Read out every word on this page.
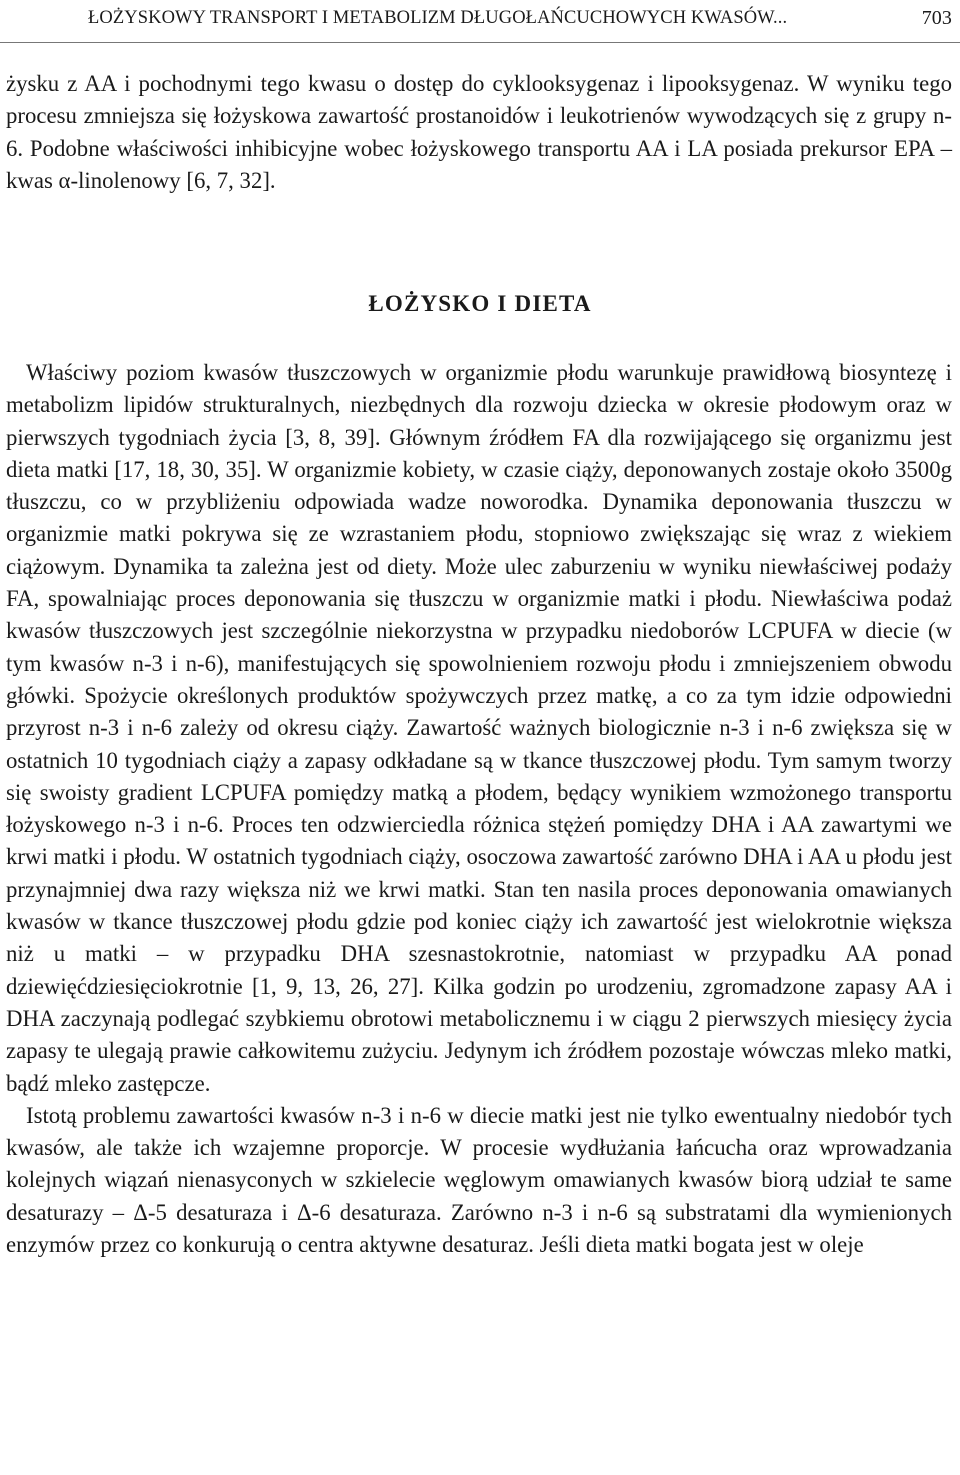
ŁOŻYSKOWY TRANSPORT I METABOLIZM DŁUGOŁAŃCUCHOWYCH KWASÓW...	703

żysku z AA i pochodnymi tego kwasu o dostęp do cyklooksygenaz i lipooksygenaz. W wyniku tego procesu zmniejsza się łożyskowa zawartość prostanoidów i leukotrienów wywodzących się z grupy n-6. Podobne właściwości inhibicyjne wobec łożyskowego transportu AA i LA posiada prekursor EPA – kwas α-linolenowy [6, 7, 32].

ŁOŻYSKO I DIETA

Właściwy poziom kwasów tłuszczowych w organizmie płodu warunkuje prawidłową biosyntezę i metabolizm lipidów strukturalnych, niezbędnych dla rozwoju dziecka w okresie płodowym oraz w pierwszych tygodniach życia [3, 8, 39]. Głównym źródłem FA dla rozwijającego się organizmu jest dieta matki [17, 18, 30, 35]. W organizmie kobiety, w czasie ciąży, deponowanych zostaje około 3500g tłuszczu, co w przybliżeniu odpowiada wadze noworodka. Dynamika deponowania tłuszczu w organizmie matki pokrywa się ze wzrastaniem płodu, stopniowo zwiększając się wraz z wiekiem ciążowym. Dynamika ta zależna jest od diety. Może ulec zaburzeniu w wyniku niewłaściwej podaży FA, spowalniając proces deponowania się tłuszczu w organizmie matki i płodu. Niewłaściwa podaż kwasów tłuszczowych jest szczególnie niekorzystna w przypadku niedoborów LCPUFA w diecie (w tym kwasów n-3 i n-6), manifestujących się spowolnieniem rozwoju płodu i zmniejszeniem obwodu główki. Spożycie określonych produktów spożywczych przez matkę, a co za tym idzie odpowiedni przyrost n-3 i n-6 zależy od okresu ciąży. Zawartość ważnych biologicznie n-3 i n-6 zwiększa się w ostatnich 10 tygodniach ciąży a zapasy odkładane są w tkance tłuszczowej płodu. Tym samym tworzy się swoisty gradient LCPUFA pomiędzy matką a płodem, będący wynikiem wzmożonego transportu łożyskowego n-3 i n-6. Proces ten odzwierciedla różnica stężeń pomiędzy DHA i AA zawartymi we krwi matki i płodu. W ostatnich tygodniach ciąży, osoczowa zawartość zarówno DHA i AA u płodu jest przynajmniej dwa razy większa niż we krwi matki. Stan ten nasila proces deponowania omawianych kwasów w tkance tłuszczowej płodu gdzie pod koniec ciąży ich zawartość jest wielokrotnie większa niż u matki – w przypadku DHA szesnastokrotnie, natomiast w przypadku AA ponad dziewięćdziesięciokrotnie [1, 9, 13, 26, 27]. Kilka godzin po urodzeniu, zgromadzone zapasy AA i DHA zaczynają podlegać szybkiemu obrotowi metabolicznemu i w ciągu 2 pierwszych miesięcy życia zapasy te ulegają prawie całkowitemu zużyciu. Jedynym ich źródłem pozostaje wówczas mleko matki, bądź mleko zastępcze.

Istotą problemu zawartości kwasów n-3 i n-6 w diecie matki jest nie tylko ewentualny niedobór tych kwasów, ale także ich wzajemne proporcje. W procesie wydłużania łańcucha oraz wprowadzania kolejnych wiązań nienasyconych w szkielecie węglowym omawianych kwasów biorą udział te same desaturazy – Δ-5 desaturaza i Δ-6 desaturaza. Zarówno n-3 i n-6 są substratami dla wymienionych enzymów przez co konkurują o centra aktywne desaturaz. Jeśli dieta matki bogata jest w oleje
